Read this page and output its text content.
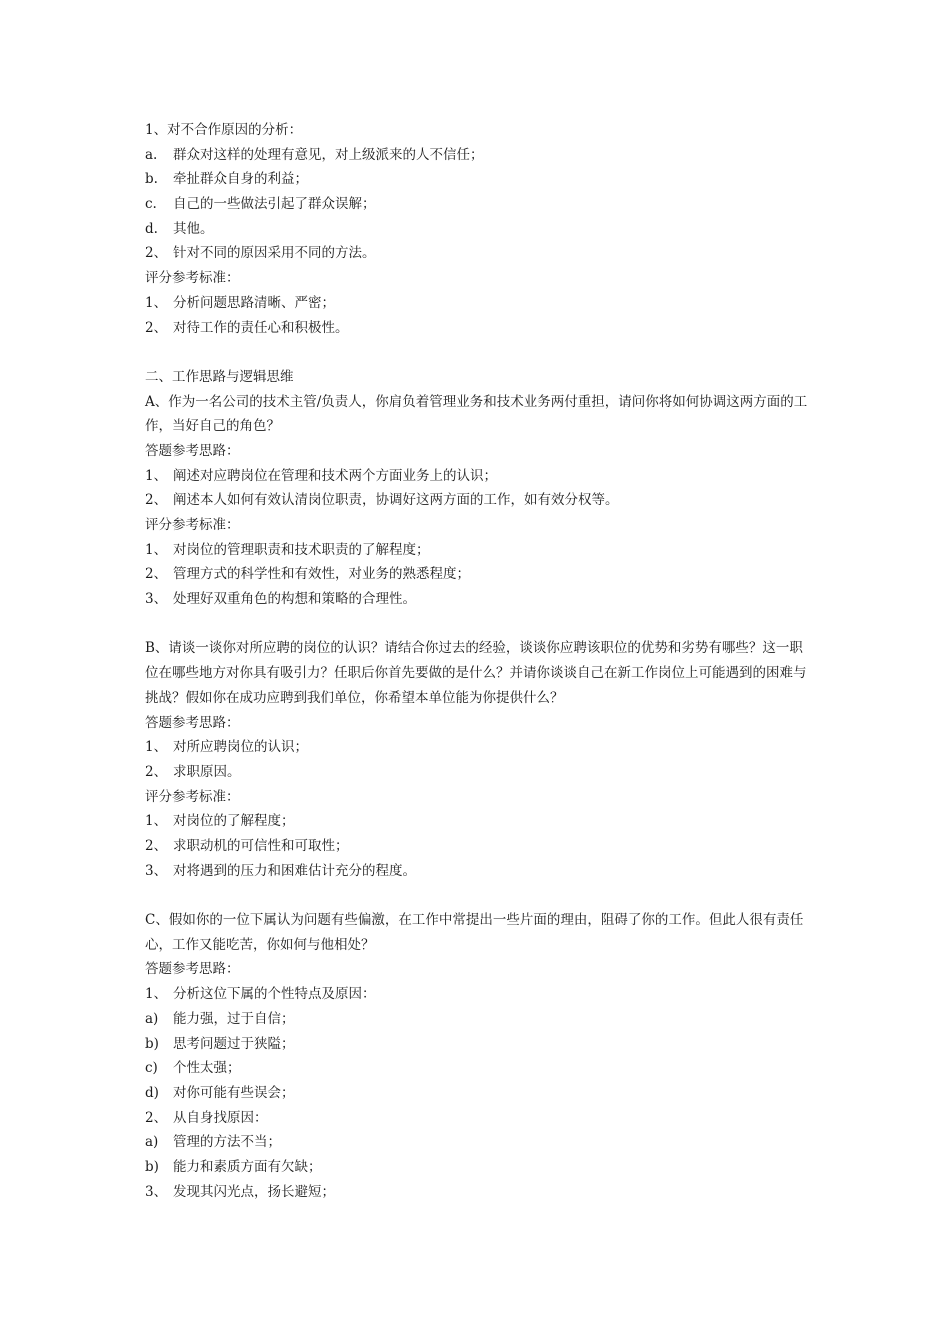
1、对不合作原因的分析：
a.	群众对这样的处理有意见，对上级派来的人不信任；
b.	牵扯群众自身的利益；
c.	自己的一些做法引起了群众误解；
d.	其他。
2、 针对不同的原因采用不同的方法。
评分参考标准：
1、 分析问题思路清晰、严密；
2、 对待工作的责任心和积极性。
二、工作思路与逻辑思维
A、作为一名公司的技术主管/负责人，你肩负着管理业务和技术业务两付重担，请问你将如何协调这两方面的工作，当好自己的角色？
答题参考思路：
1、 阐述对应聘岗位在管理和技术两个方面业务上的认识；
2、 阐述本人如何有效认清岗位职责，协调好这两方面的工作，如有效分权等。
评分参考标准：
1、 对岗位的管理职责和技术职责的了解程度；
2、 管理方式的科学性和有效性，对业务的熟悉程度；
3、 处理好双重角色的构想和策略的合理性。
B、请谈一谈你对所应聘的岗位的认识？请结合你过去的经验，谈谈你应聘该职位的优势和劣势有哪些？这一职位在哪些地方对你具有吸引力？任职后你首先要做的是什么？并请你谈谈自己在新工作岗位上可能遇到的困难与挑战？假如你在成功应聘到我们单位，你希望本单位能为你提供什么？
答题参考思路：
1、 对所应聘岗位的认识；
2、 求职原因。
评分参考标准：
1、 对岗位的了解程度；
2、 求职动机的可信性和可取性；
3、 对将遇到的压力和困难估计充分的程度。
C、假如你的一位下属认为问题有些偏激，在工作中常提出一些片面的理由，阻碍了你的工作。但此人很有责任心，工作又能吃苦，你如何与他相处？
答题参考思路：
1、 分析这位下属的个性特点及原因：
a)	能力强，过于自信；
b)	思考问题过于狭隘；
c)	个性太强；
d)	对你可能有些误会；
2、 从自身找原因：
a)	管理的方法不当；
b)	能力和素质方面有欠缺；
3、 发现其闪光点，扬长避短；
